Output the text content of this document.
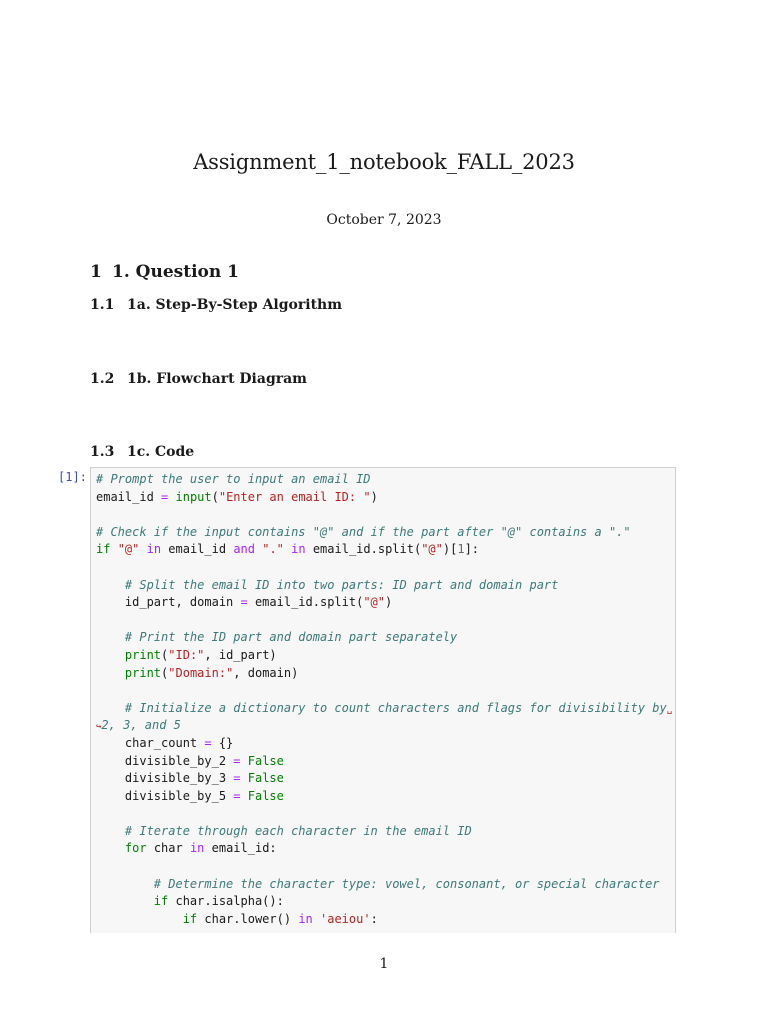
Assignment_1_notebook_FALL_2023
October 7, 2023
1 1. Question 1
1.1 1a. Step-By-Step Algorithm
1.2 1b. Flowchart Diagram
1.3 1c. Code
[1]: # Prompt the user to input an email ID
email_id = input("Enter an email ID: ")

# Check if the input contains "@" and if the part after "@" contains a "."
if "@" in email_id and "." in email_id.split("@")[1]:

# Split the email ID into two parts: ID part and domain part
id_part, domain = email_id.split("@")

# Print the ID part and domain part separately
print("ID:", id_part)
print("Domain:", domain)

# Initialize a dictionary to count characters and flags for divisibility by␣
↪2, 3, and 5
char_count = {}
divisible_by_2 = False
divisible_by_3 = False
divisible_by_5 = False

# Iterate through each character in the email ID
for char in email_id:

# Determine the character type: vowel, consonant, or special character
if char.isalpha():
if char.lower() in 'aeiou':
1
